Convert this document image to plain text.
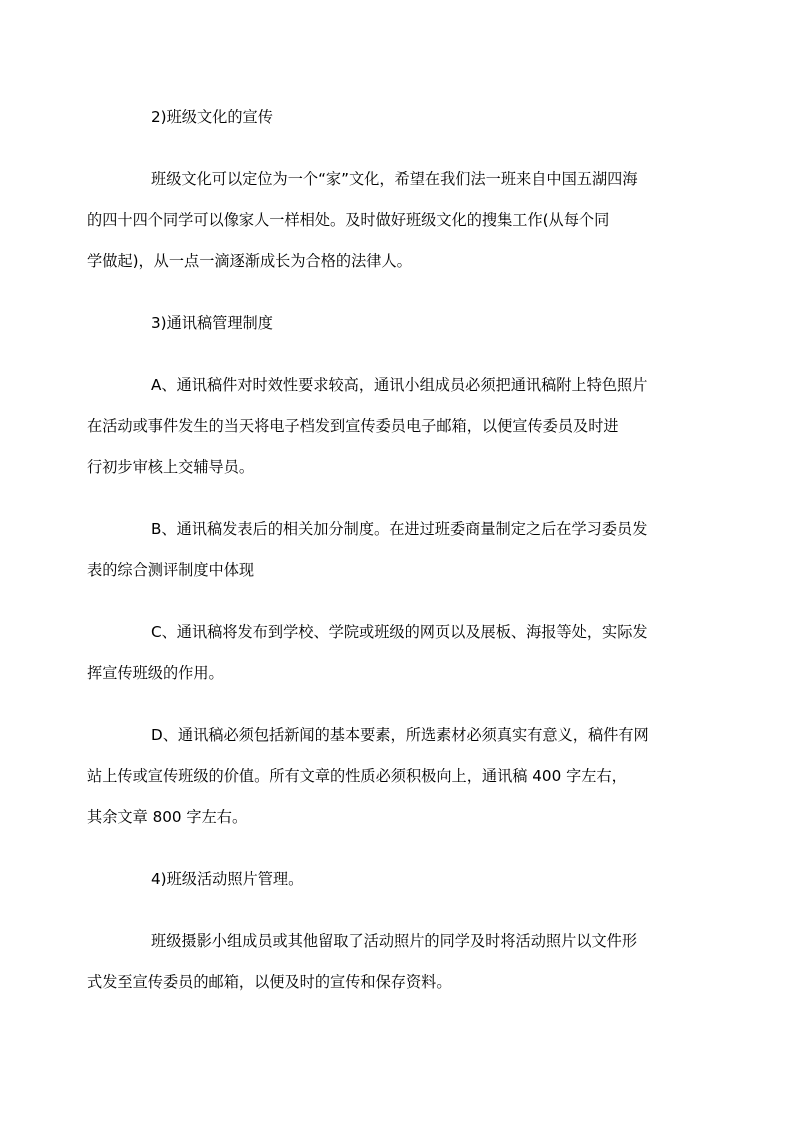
2)班级文化的宣传

班级文化可以定位为一个“家”文化，希望在我们法一班来自中国五湖四海
的四十四个同学可以像家人一样相处。及时做好班级文化的搜集工作(从每个同
学做起)，从一点一滴逐渐成长为合格的法律人。

3)通讯稿管理制度

A、通讯稿件对时效性要求较高，通讯小组成员必须把通讯稿附上特色照片
在活动或事件发生的当天将电子档发到宣传委员电子邮箱，以便宣传委员及时进
行初步审核上交辅导员。

B、通讯稿发表后的相关加分制度。在进过班委商量制定之后在学习委员发
表的综合测评制度中体现

C、通讯稿将发布到学校、学院或班级的网页以及展板、海报等处，实际发
挥宣传班级的作用。

D、通讯稿必须包括新闻的基本要素，所选素材必须真实有意义，稿件有网
站上传或宣传班级的价值。所有文章的性质必须积极向上，通讯稿 400 字左右，
其余文章 800 字左右。

4)班级活动照片管理。

班级摄影小组成员或其他留取了活动照片的同学及时将活动照片以文件形
式发至宣传委员的邮箱，以便及时的宣传和保存资料。
